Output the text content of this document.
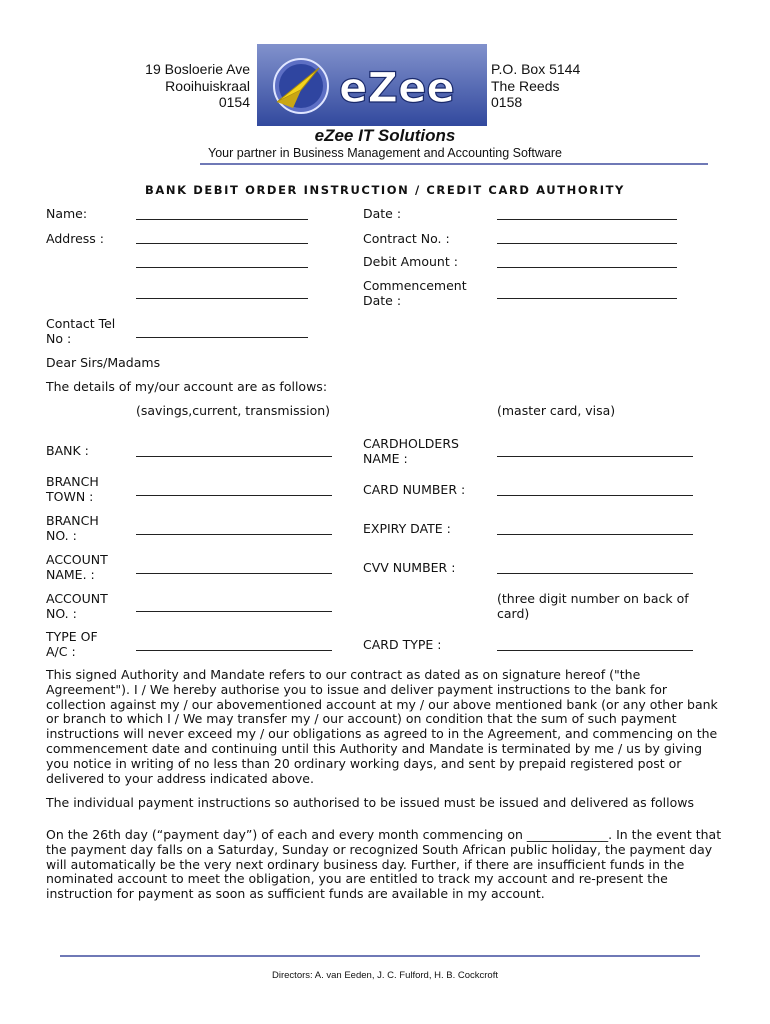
19 Bosloerie Ave
Rooihuiskraal
0154 eZee	P.O. Box 5144
The Reeds
0158
eZee IT Solutions
Your partner in Business Management and Accounting Software
BANK DEBIT ORDER INSTRUCTION / CREDIT CARD AUTHORITY
Name:
Address :
Date :
Contract No. :
Debit Amount :
Commencement
Date :
Contact Tel
No :
Dear Sirs/Madams
The details of my/our account are as follows:
(savings,current, transmission)	(master card, visa)
BANK :
BRANCH
TOWN :
BRANCH
NO. :
ACCOUNT
NAME. :
ACCOUNT
NO. :
TYPE OF
A/C :
CARDHOLDERS
NAME :
CARD NUMBER :
EXPIRY DATE :
CVV NUMBER :
(three digit number on back of
card)
CARD TYPE :
This signed Authority and Mandate refers to our contract as dated as on signature hereof ("the Agreement"). I / We hereby authorise you to issue and deliver payment instructions to the bank for collection against my / our abovementioned account at my / our above mentioned bank (or any other bank or branch to which I / We may transfer my / our account) on condition that the sum of such payment instructions will never exceed my / our obligations as agreed to in the Agreement, and commencing on the commencement date and continuing until this Authority and Mandate is terminated by me / us by giving you notice in writing of no less than 20 ordinary working days, and sent by prepaid registered post or delivered to your address indicated above.
The individual payment instructions so authorised to be issued must be issued and delivered as follows
On the 26th day (“payment day”) of each and every month commencing on _____________. In the event that the payment day falls on a Saturday, Sunday or recognized South African public holiday, the payment day will automatically be the very next ordinary business day. Further, if there are insufficient funds in the nominated account to meet the obligation, you are entitled to track my account and re-present the instruction for payment as soon as sufficient funds are available in my account.
Directors: A. van Eeden, J. C. Fulford, H. B. Cockcroft
